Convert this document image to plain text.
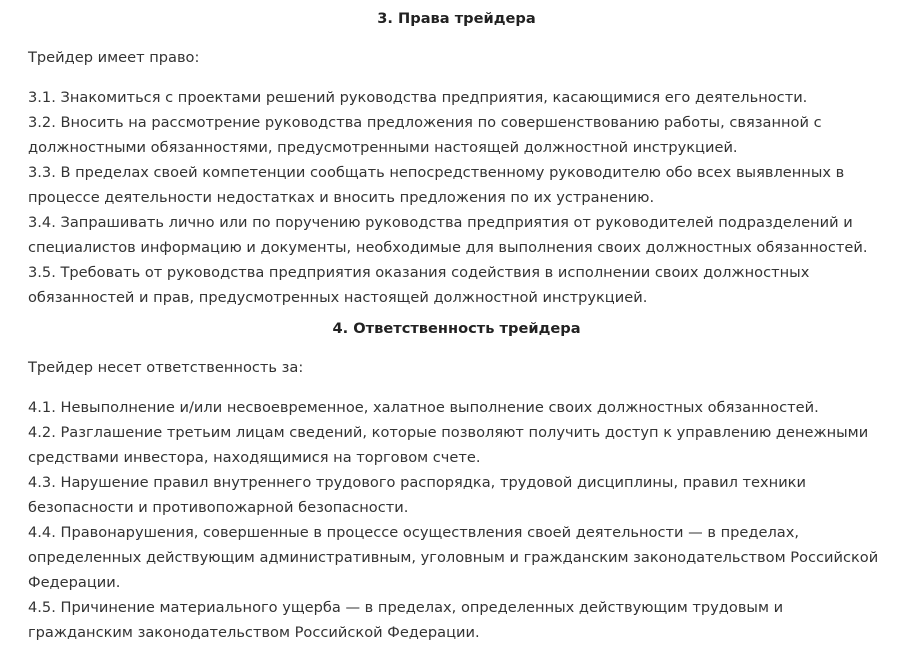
3. Права трейдера

Трейдер имеет право:

3.1. Знакомиться с проектами решений руководства предприятия, касающимися его деятельности.
3.2. Вносить на рассмотрение руководства предложения по совершенствованию работы, связанной с должностными обязанностями, предусмотренными настоящей должностной инструкцией.
3.3. В пределах своей компетенции сообщать непосредственному руководителю обо всех выявленных в процессе деятельности недостатках и вносить предложения по их устранению.
3.4. Запрашивать лично или по поручению руководства предприятия от руководителей подразделений и специалистов информацию и документы, необходимые для выполнения своих должностных обязанностей.
3.5. Требовать от руководства предприятия оказания содействия в исполнении своих должностных обязанностей и прав, предусмотренных настоящей должностной инструкцией.
4. Ответственность трейдера

Трейдер несет ответственность за:

4.1. Невыполнение и/или несвоевременное, халатное выполнение своих должностных обязанностей.
4.2. Разглашение третьим лицам сведений, которые позволяют получить доступ к управлению денежными средствами инвестора, находящимися на торговом счете.
4.3. Нарушение правил внутреннего трудового распорядка, трудовой дисциплины, правил техники безопасности и противопожарной безопасности.
4.4. Правонарушения, совершенные в процессе осуществления своей деятельности — в пределах, определенных действующим административным, уголовным и гражданским законодательством Российской Федерации.
4.5. Причинение материального ущерба — в пределах, определенных действующим трудовым и гражданским законодательством Российской Федерации.
